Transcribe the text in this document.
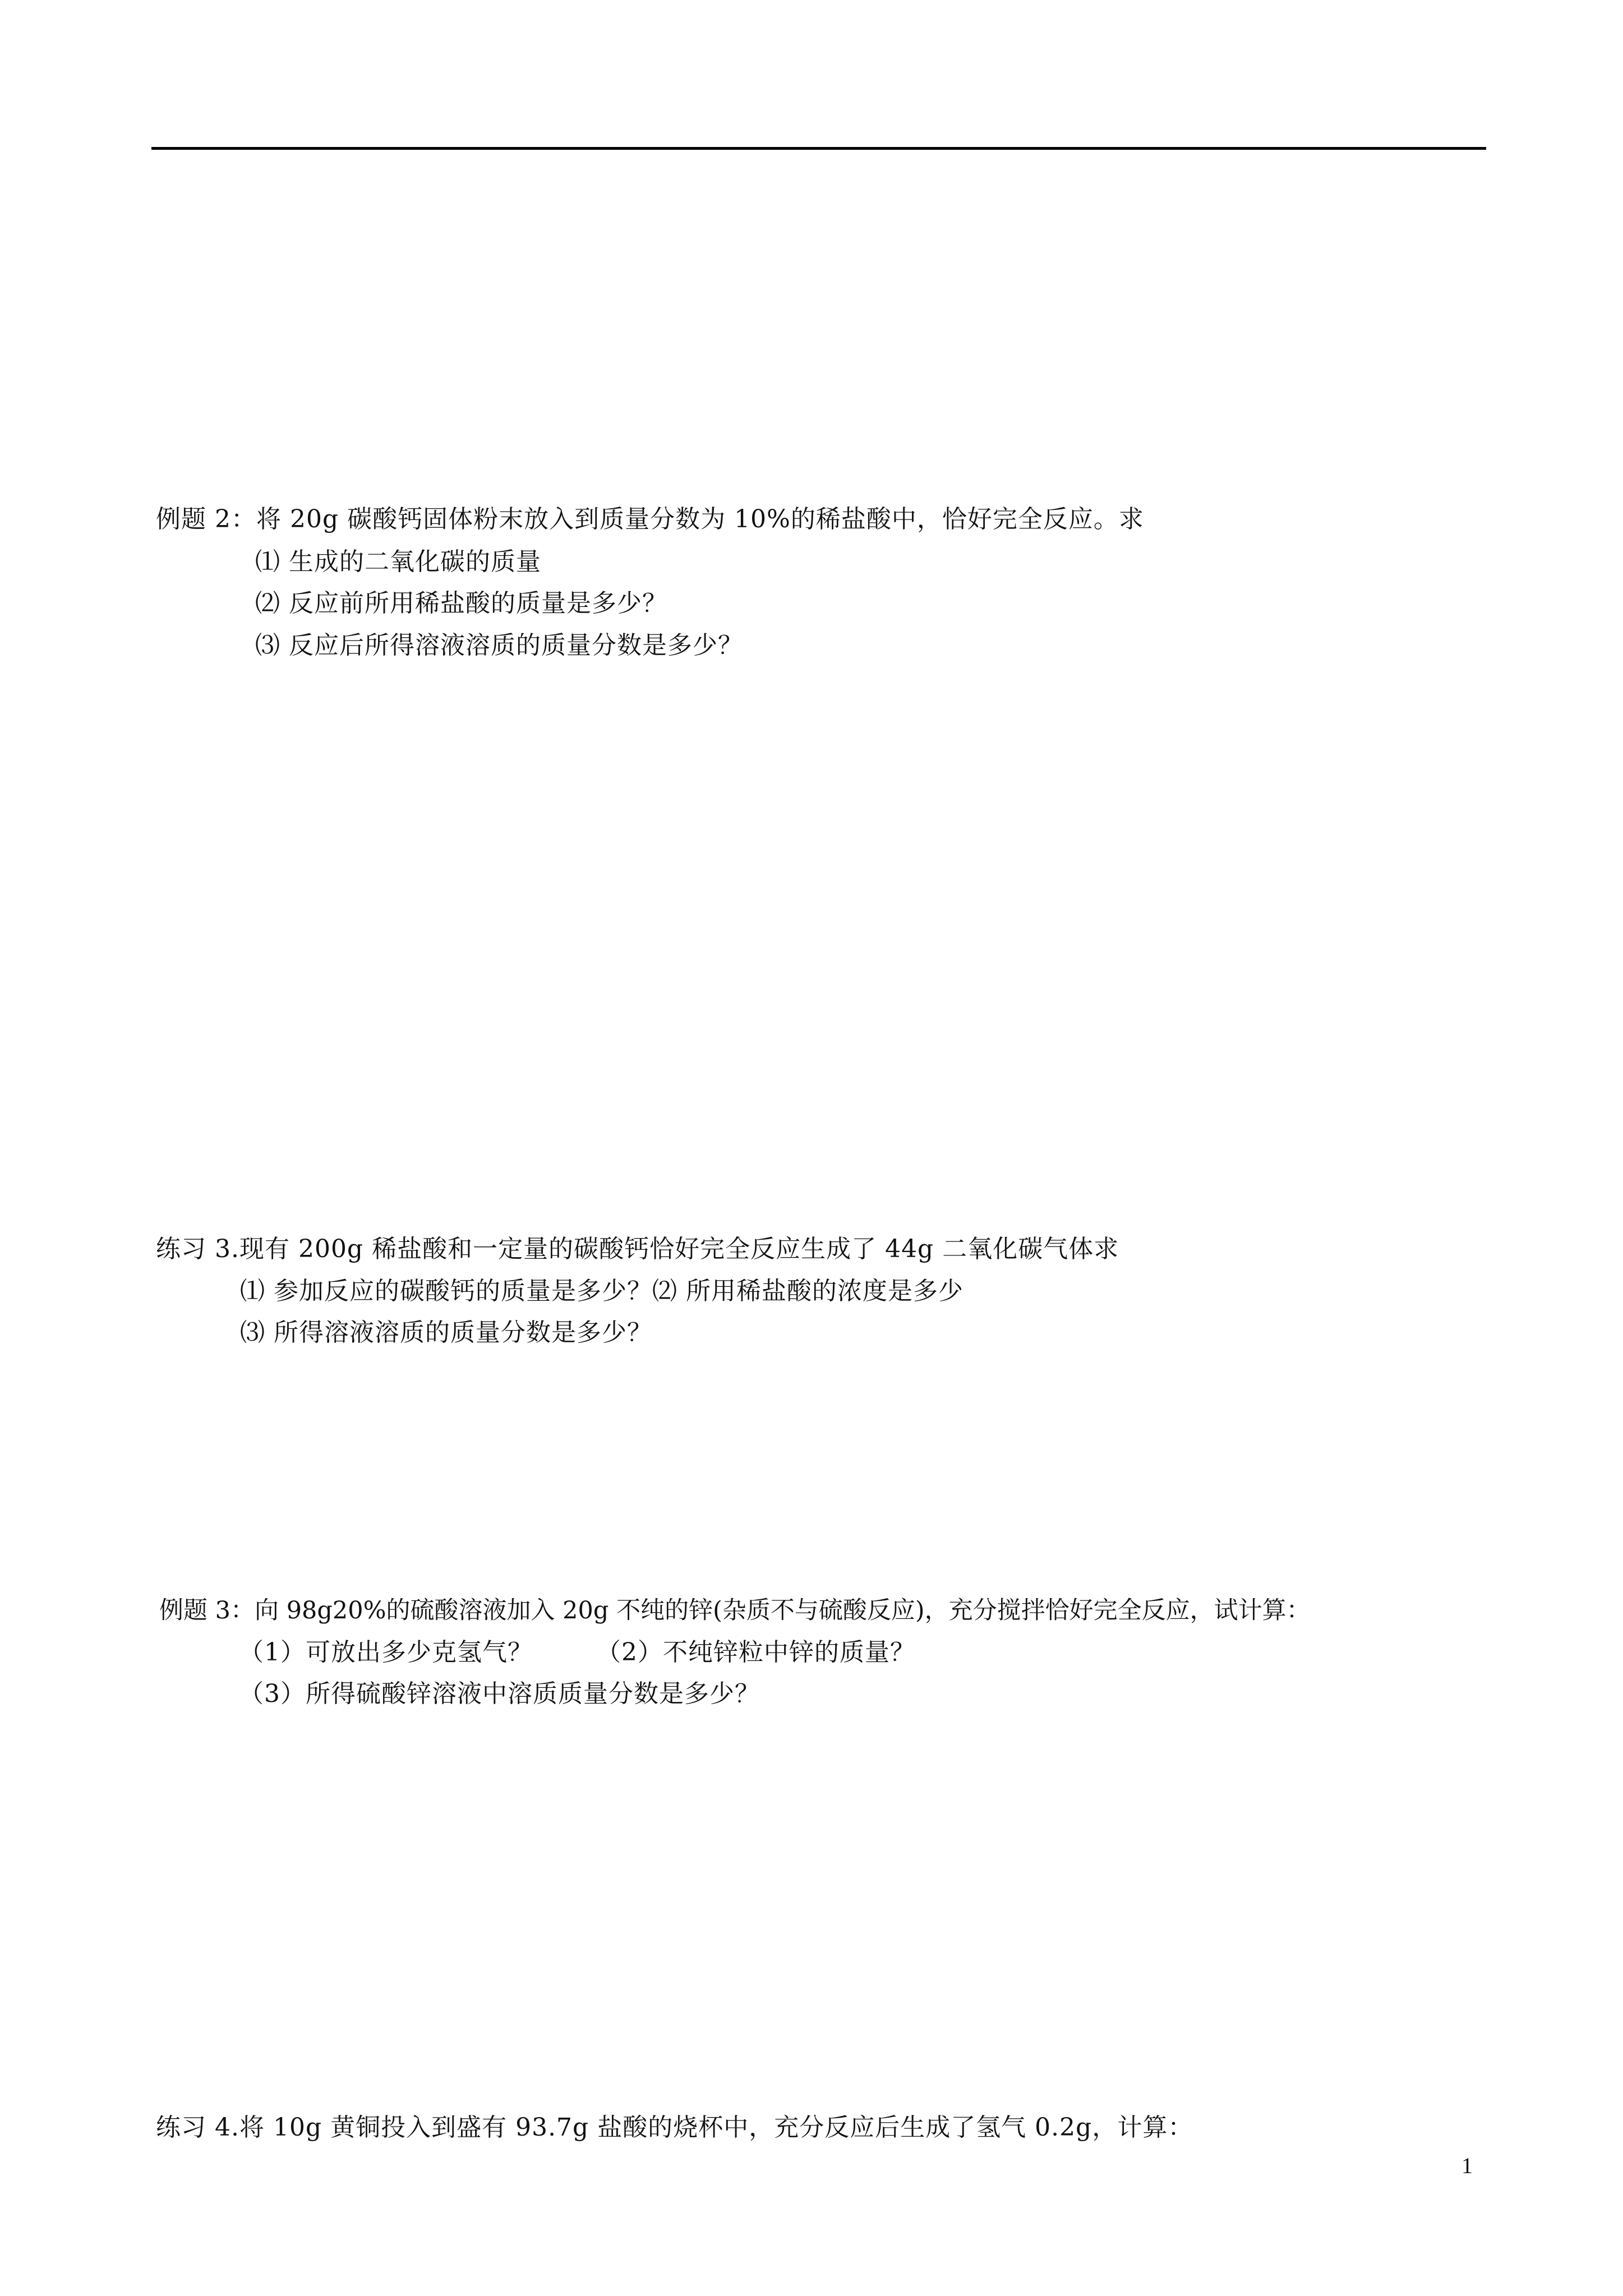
例题 2：将 20g 碳酸钙固体粉末放入到质量分数为 10%的稀盐酸中，恰好完全反应。求
⑴ 生成的二氧化碳的质量
⑵ 反应前所用稀盐酸的质量是多少？
⑶ 反应后所得溶液溶质的质量分数是多少？
练习 3.现有 200g 稀盐酸和一定量的碳酸钙恰好完全反应生成了 44g 二氧化碳气体求
⑴ 参加反应的碳酸钙的质量是多少？⑵ 所用稀盐酸的浓度是多少
⑶ 所得溶液溶质的质量分数是多少？
例题 3：向 98g20%的硫酸溶液加入 20g 不纯的锌(杂质不与硫酸反应)，充分搅拌恰好完全反应，试计算：
（1）可放出多少克氢气？　　　（2）不纯锌粒中锌的质量？
（3）所得硫酸锌溶液中溶质质量分数是多少？
练习 4.将 10g 黄铜投入到盛有 93.7g 盐酸的烧杯中，充分反应后生成了氢气 0.2g，计算：
1
